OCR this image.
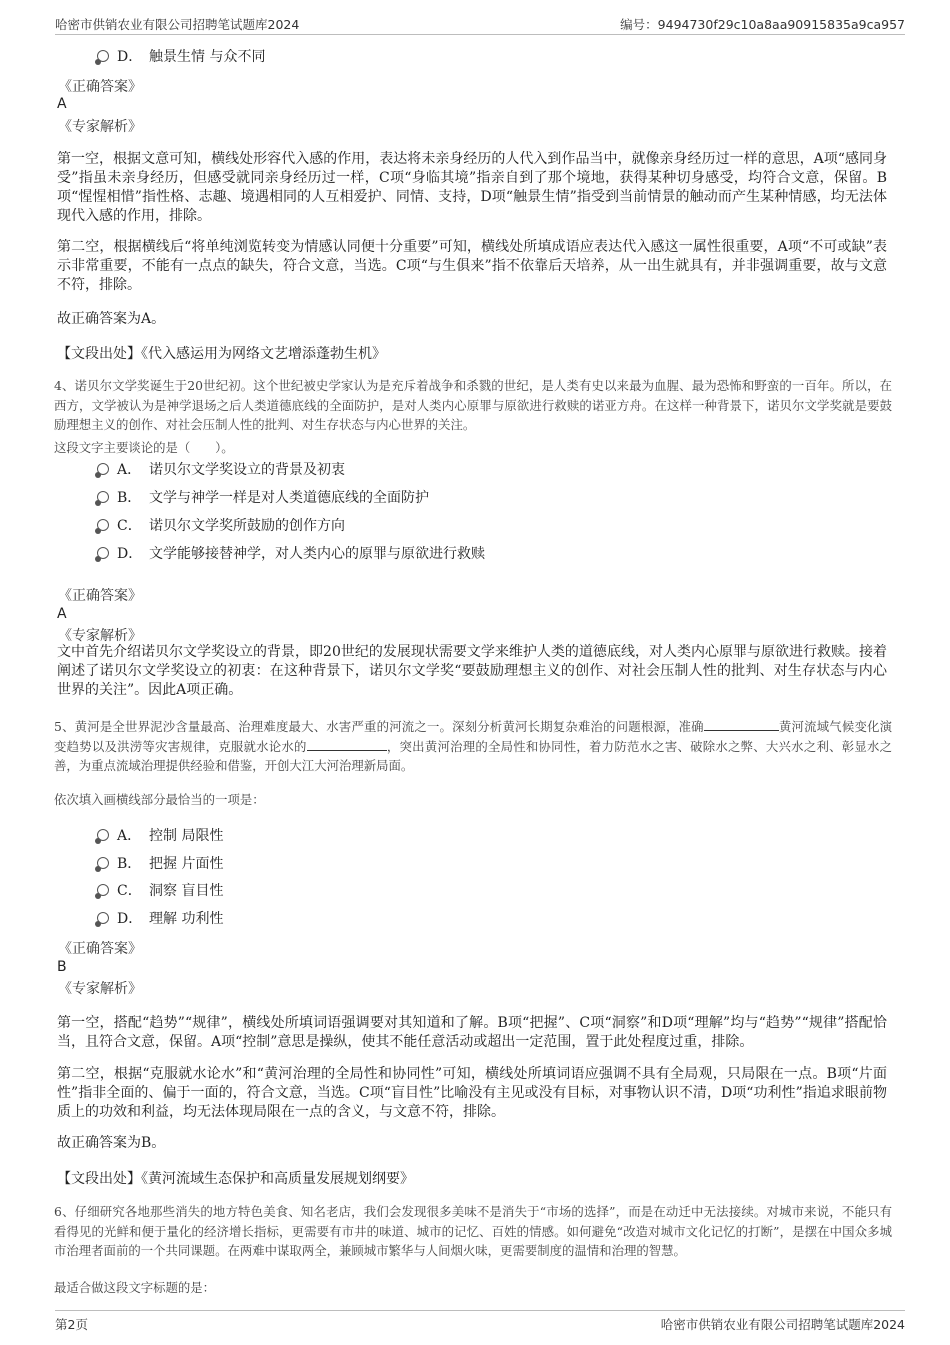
哈密市供销农业有限公司招聘笔试题库2024	编号：9494730f29c10a8aa90915835a9ca957
D． 触景生情 与众不同
《正确答案》
A
《专家解析》
第一空，根据文意可知，横线处形容代入感的作用，表达将未亲身经历的人代入到作品当中，就像亲身经历过一样的意思，A项“感同身受”指虽未亲身经历，但感受就同亲身经历过一样，C项“身临其境”指亲自到了那个境地，获得某种切身感受，均符合文意，保留。B项“惺惺相惜”指性格、志趣、境遇相同的人互相爱护、同情、支持，D项“触景生情”指受到当前情景的触动而产生某种情感，均无法体现代入感的作用，排除。
第二空，根据横线后“将单纯浏览转变为情感认同便十分重要”可知，横线处所填成语应表达代入感这一属性很重要，A项“不可或缺”表示非常重要，不能有一点点的缺失，符合文意，当选。C项“与生俱来”指不依靠后天培养，从一出生就具有，并非强调重要，故与文意不符，排除。
故正确答案为A。
【文段出处】《代入感运用为网络文艺增添蓬勃生机》
4、诺贝尔文学奖诞生于20世纪初。这个世纪被史学家认为是充斥着战争和杀戮的世纪，是人类有史以来最为血腥、最为恐怖和野蛮的一百年。所以，在西方，文学被认为是神学退场之后人类道德底线的全面防护，是对人类内心原罪与原欲进行救赎的诺亚方舟。在这样一种背景下，诺贝尔文学奖就是要鼓励理想主义的创作、对社会压制人性的批判、对生存状态与内心世界的关注。
这段文字主要谈论的是（　　）。
A． 诺贝尔文学奖设立的背景及初衷
B． 文学与神学一样是对人类道德底线的全面防护
C． 诺贝尔文学奖所鼓励的创作方向
D． 文学能够接替神学，对人类内心的原罪与原欲进行救赎
《正确答案》
A
《专家解析》
文中首先介绍诺贝尔文学奖设立的背景，即20世纪的发展现状需要文学来维护人类的道德底线，对人类内心原罪与原欲进行救赎。接着阐述了诺贝尔文学奖设立的初衷：在这种背景下，诺贝尔文学奖“要鼓励理想主义的创作、对社会压制人性的批判、对生存状态与内心世界的关注”。因此A项正确。
5、黄河是全世界泥沙含量最高、治理难度最大、水害严重的河流之一。深刻分析黄河长期复杂难治的问题根源，准确	黄河流域气候变化演变趋势以及洪涝等灾害规律，克服就水论水的	，突出黄河治理的全局性和协同性，着力防范水之害、破除水之弊、大兴水之利、彰显水之善，为重点流域治理提供经验和借鉴，开创大江大河治理新局面。
依次填入画横线部分最恰当的一项是：
A． 控制 局限性
B． 把握 片面性
C． 洞察 盲目性
D． 理解 功利性
《正确答案》
B
《专家解析》
第一空，搭配“趋势”“规律”，横线处所填词语强调要对其知道和了解。B项“把握”、C项“洞察”和D项“理解”均与“趋势”“规律”搭配恰当，且符合文意，保留。A项“控制”意思是操纵，使其不能任意活动或超出一定范围，置于此处程度过重，排除。
第二空，根据“克服就水论水”和“黄河治理的全局性和协同性”可知，横线处所填词语应强调不具有全局观，只局限在一点。B项“片面性”指非全面的、偏于一面的，符合文意，当选。C项“盲目性”比喻没有主见或没有目标，对事物认识不清，D项“功利性”指追求眼前物质上的功效和利益，均无法体现局限在一点的含义，与文意不符，排除。
故正确答案为B。
【文段出处】《黄河流域生态保护和高质量发展规划纲要》
6、仔细研究各地那些消失的地方特色美食、知名老店，我们会发现很多美味不是消失于“市场的选择”，而是在动迁中无法接续。对城市来说，不能只有看得见的光鲜和便于量化的经济增长指标，更需要有市井的味道、城市的记忆、百姓的情感。如何避免“改造对城市文化记忆的打断”，是摆在中国众多城市治理者面前的一个共同课题。在两难中谋取两全，兼顾城市繁华与人间烟火味，更需要制度的温情和治理的智慧。
最适合做这段文字标题的是：
第2页	哈密市供销农业有限公司招聘笔试题库2024
